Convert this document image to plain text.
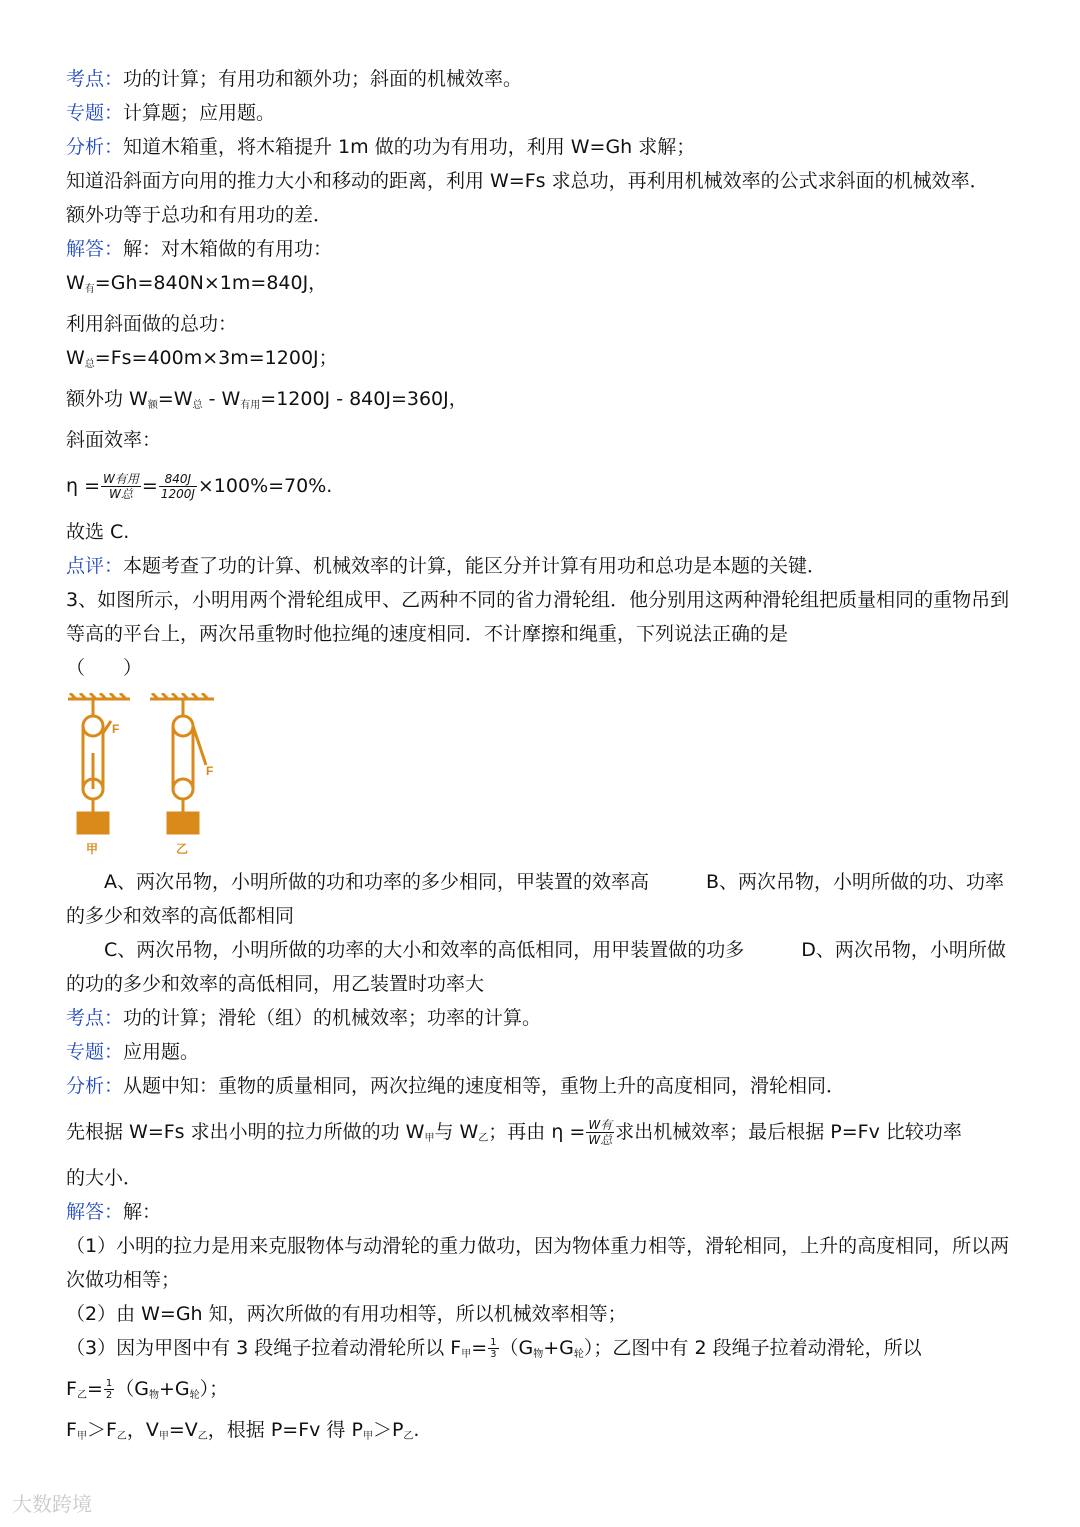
考点：功的计算；有用功和额外功；斜面的机械效率。
专题：计算题；应用题。
分析：知道木箱重，将木箱提升 1m 做的功为有用功，利用 W=Gh 求解；
知道沿斜面方向用的推力大小和移动的距离，利用 W=Fs 求总功，再利用机械效率的公式求斜面的机械效率．
额外功等于总功和有用功的差．
解答：解：对木箱做的有用功：
W有=Gh=840N×1m=840J，
利用斜面做的总功：
W总=Fs=400m×3m=1200J；
额外功 W额=W总 - W有用=1200J - 840J=360J，
斜面效率：
$\eta = \frac{\text{W有用}}{\text{W总}} = \frac{840J}{1200J} \times 100\%=70\%$.
故选 C.
点评：本题考查了功的计算、机械效率的计算，能区分并计算有用功和总功是本题的关键．
3、如图所示，小明用两个滑轮组成甲、乙两种不同的省力滑轮组．他分别用这两种滑轮组把质量相同的重物吊到等高的平台上，两次吊重物时他拉绳的速度相同．不计摩擦和绳重，下列说法正确的是
（　　）
F
F
甲	乙
A、两次吊物，小明所做的功和功率的多少相同，甲装置的效率高　　　	B、两次吊物，小明所做的功、功率的多少和效率的高低都相同
C、两次吊物，小明所做的功率的大小和效率的高低相同，用甲装置做的功多　　　	D、两次吊物，小明所做的功的多少和效率的高低相同，用乙装置时功率大
考点：功的计算；滑轮（组）的机械效率；功率的计算。
专题：应用题。
分析：从题中知：重物的质量相同，两次拉绳的速度相等，重物上升的高度相同，滑轮相同．
先根据 W=Fs 求出小明的拉力所做的功 W甲与 W乙；再由 $\eta = \frac{\text{W有}}{\text{W总}}$ 求出机械效率；最后根据 P=Fv 比较功率
的大小．
解答：解：
（1）小明的拉力是用来克服物体与动滑轮的重力做功，因为物体重力相等，滑轮相同，上升的高度相同，所以两次做功相等；
（2）由 W=Gh 知，两次所做的有用功相等，所以机械效率相等；
（3）因为甲图中有 3 段绳子拉着动滑轮所以 F甲= $\frac{1}{3} (G$物+G轮）；乙图中有 2 段绳子拉着动滑轮，所以
F乙= $\frac{1}{2} (G$物+G轮）；
F甲＞F乙，V甲=V乙，根据 P=Fv 得 P甲＞P乙.
大数跨境
